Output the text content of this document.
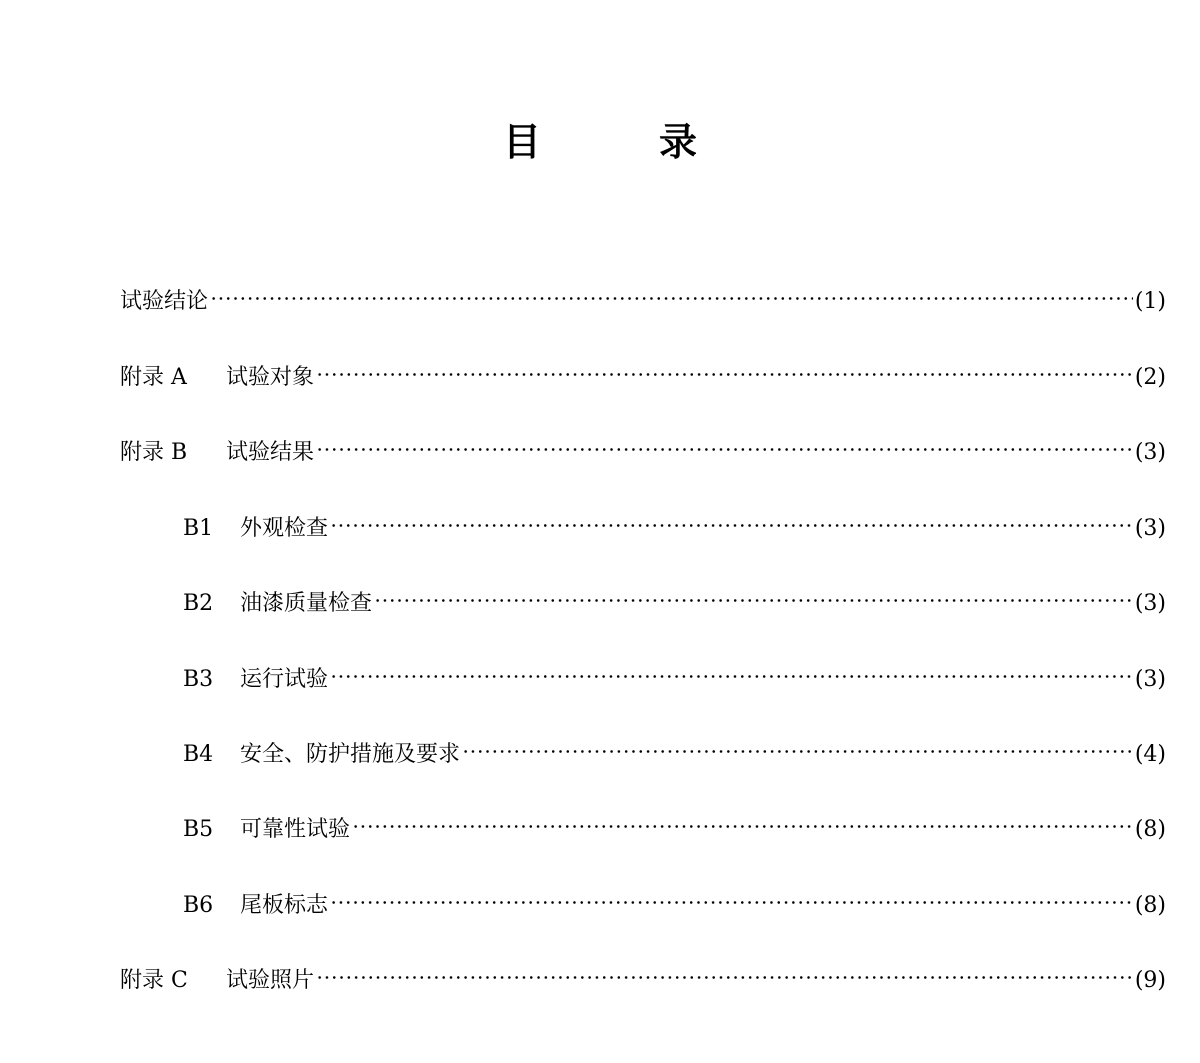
目	录
试验结论	(1)
附录 A	试验对象	(2)
附录 B	试验结果	(3)
B1	外观检查	(3)
B2	油漆质量检查	(3)
B3	运行试验	(3)
B4	安全、防护措施及要求	(4)
B5	可靠性试验	(8)
B6	尾板标志	(8)
附录 C	试验照片	(9)
